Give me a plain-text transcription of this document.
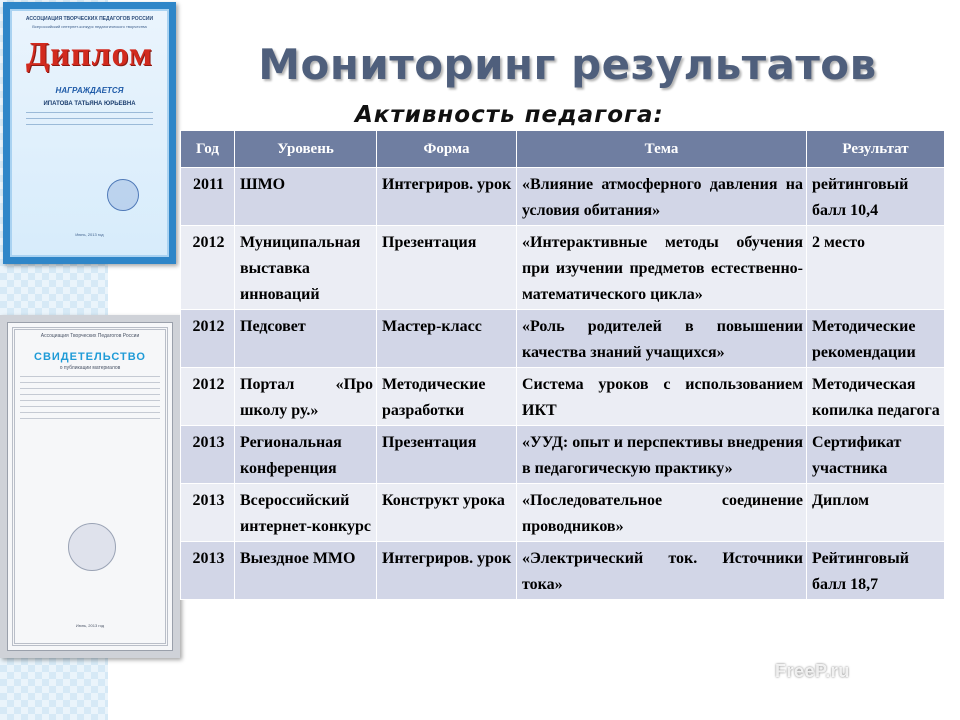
АССОЦИАЦИЯ ТВОРЧЕСКИХ ПЕДАГОГОВ РОССИИ
Всероссийский интернет-конкурс педагогического творчества
Диплом
НАГРАЖДАЕТСЯ
ИПАТОВА ТАТЬЯНА ЮРЬЕВНА
Июнь, 2013 год
Ассоциация Творческих Педагогов России
СВИДЕТЕЛЬСТВО
о публикации материалов
Июнь, 2013 год
Мониторинг результатов
Активность педагога:
Год	Уровень	Форма	Тема	Результат
2011	ШМО	Интегриров. урок	«Влияние атмосферного давления на условия обитания»	рейтинговый балл 10,4
2012	Муниципальная выставка инноваций	Презентация	«Интерактивные методы обучения при изучении предметов естественно-математического цикла»	2 место
2012	Педсовет	Мастер-класс	«Роль родителей в повышении качества знаний учащихся»	Методические рекомендации
2012	Портал «Про школу ру.»	Методические разработки	Система уроков с использованием ИКТ	Методическая копилка педагога
2013	Региональная конференция	Презентация	«УУД: опыт и перспективы внедрения в педагогическую практику»	Сертификат участника
2013	Всероссийский интернет-конкурс	Конструкт урока	«Последовательное соединение проводников»	Диплом
2013	Выездное ММО	Интегриров. урок	«Электрический ток. Источники тока»	Рейтинговый балл 18,7
FreeP.ru
